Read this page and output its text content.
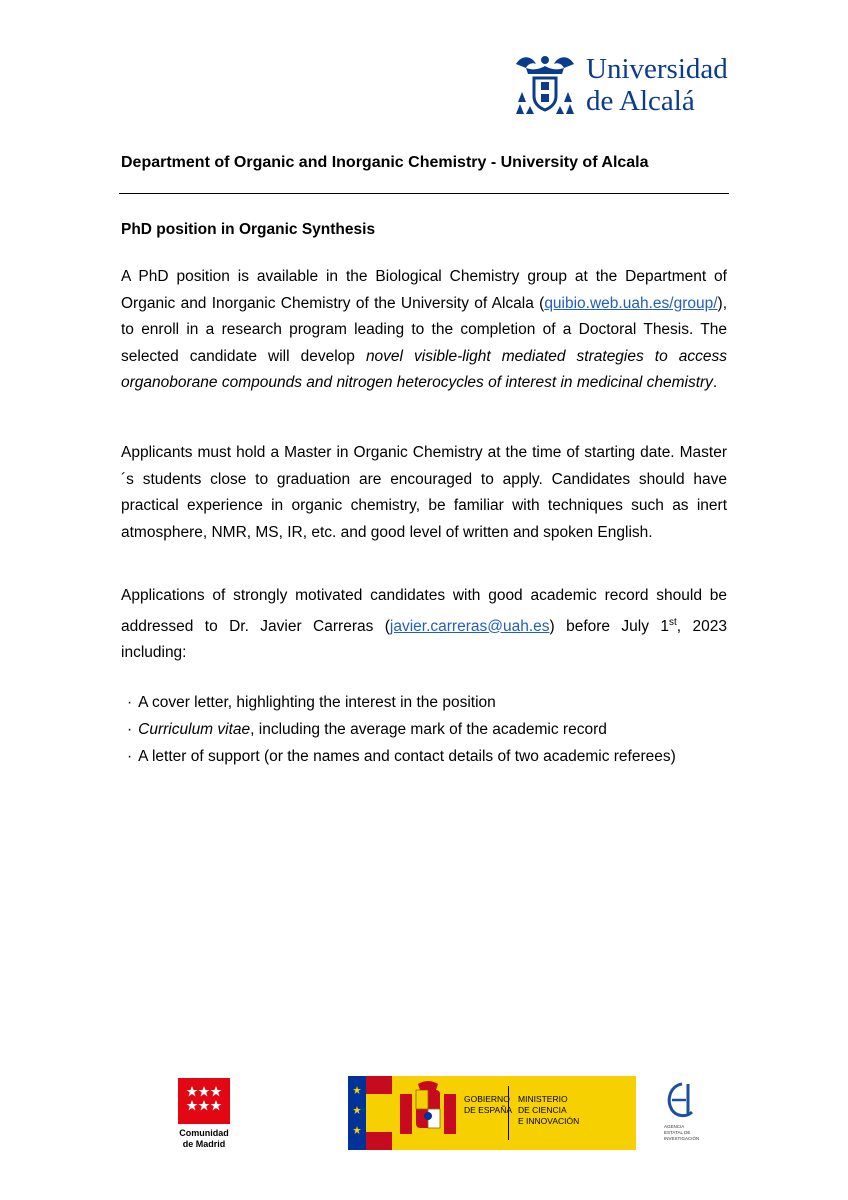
Universidad
de Alcalá
Department of Organic and Inorganic Chemistry - University of Alcala
PhD position in Organic Synthesis
A PhD position is available in the Biological Chemistry group at the Department of Organic and Inorganic Chemistry of the University of Alcala (quibio.web.uah.es/group/), to enroll in a research program leading to the completion of a Doctoral Thesis. The selected candidate will develop novel visible-light mediated strategies to access organoborane compounds and nitrogen heterocycles of interest in medicinal chemistry.
Applicants must hold a Master in Organic Chemistry at the time of starting date. Master´s students close to graduation are encouraged to apply. Candidates should have practical experience in organic chemistry, be familiar with techniques such as inert atmosphere, NMR, MS, IR, etc. and good level of written and spoken English.
Applications of strongly motivated candidates with good academic record should be addressed to Dr. Javier Carreras (javier.carreras@uah.es) before July 1st, 2023 including:
· A cover letter, highlighting the interest in the position
· Curriculum vitae, including the average mark of the academic record
· A letter of support (or the names and contact details of two academic referees)
Comunidad
de Madrid
GOBIERNO
DE ESPAÑA
MINISTERIO
DE CIENCIA
E INNOVACIÓN
AGENCIA
ESTATAL DE
INVESTIGACIÓN
